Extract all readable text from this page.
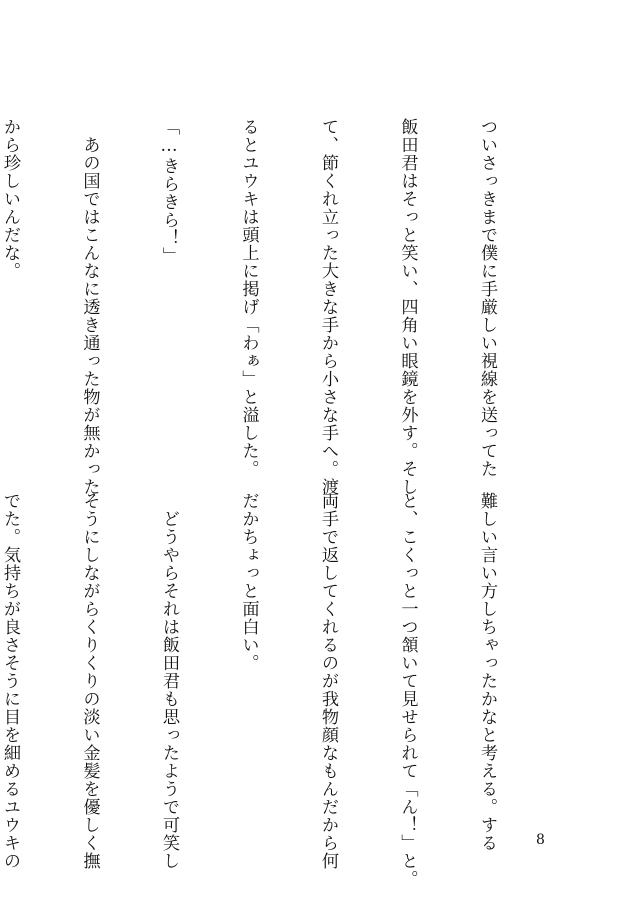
ついさっきまで僕に手厳しい視線を送ってた

飯田君はそっと笑い、四角い眼鏡を外す。そし

て、節くれ立った大きな手から小さな手へ。渡

るとユウキは頭上に掲げ「わぁ」と溢した。

「…きらきら！」

　あの国ではこんなに透き通った物が無かった

から珍しいんだな。

難しい言い方しちゃったかなと考える。する

と、こくっと一つ頷いて見せられて「ん！」と。

両手で返してくれるのが我物顔なもんだから何

だかちょっと面白い。

　どうやらそれは飯田君も思ったようで可笑し

そうにしながらくりくりの淡い金髪を優しく撫

でた。気持ちが良さそうに目を細めるユウキの

	8
